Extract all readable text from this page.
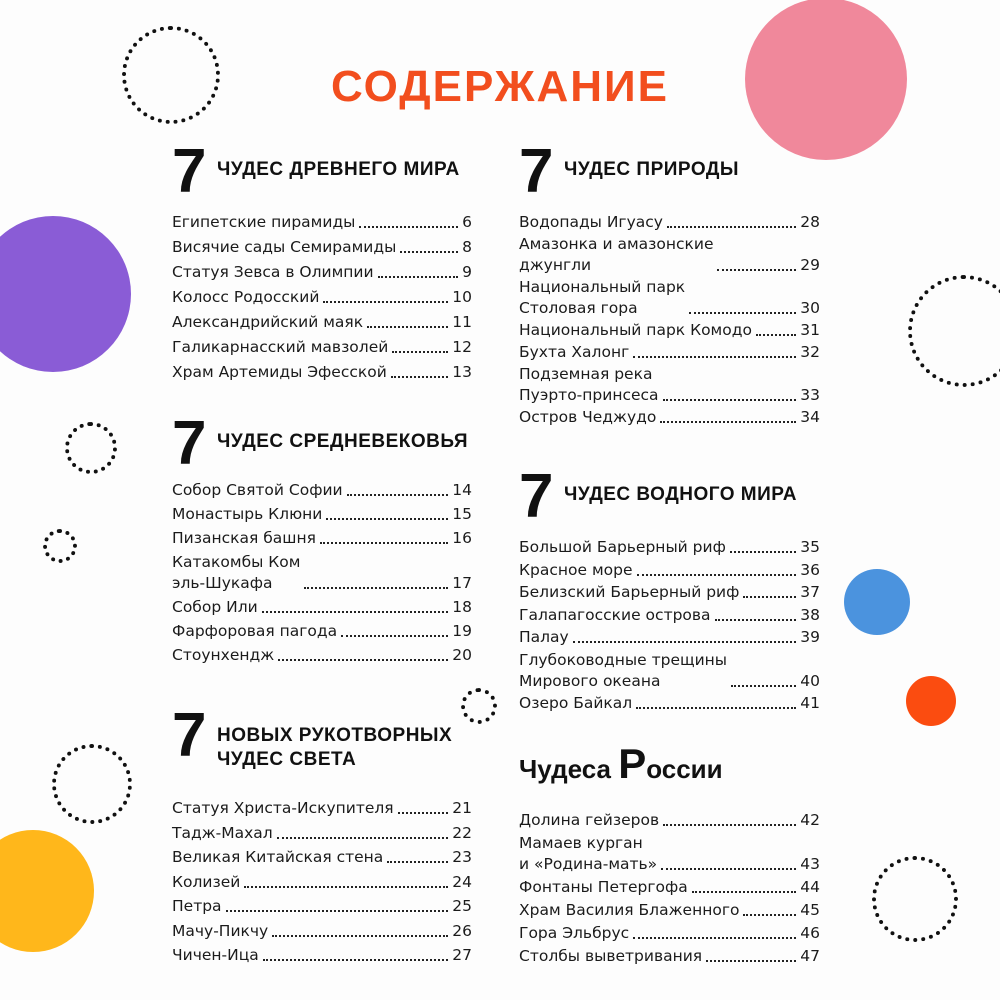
СОДЕРЖАНИЕ
7 ЧУДЕС ДРЕВНЕГО МИРА
Египетские пирамиды	6
Висячие сады Семирамиды	8
Статуя Зевса в Олимпии	9
Колосс Родосский	10
Александрийский маяк	11
Галикарнасский мавзолей	12
Храм Артемиды Эфесской	13
7 ЧУДЕС СРЕДНЕВЕКОВЬЯ
Собор Святой Софии	14
Монастырь Клюни	15
Пизанская башня	16
Катакомбы Ком
эль-Шукафа	17
Собор Или	18
Фарфоровая пагода	19
Стоунхендж	20
7 НОВЫХ РУКОТВОРНЫХ
ЧУДЕС СВЕТА
Статуя Христа-Искупителя	21
Тадж-Махал	22
Великая Китайская стена	23
Колизей	24
Петра	25
Мачу-Пикчу	26
Чичен-Ица	27
7 ЧУДЕС ПРИРОДЫ
Водопады Игуасу	28
Амазонка и амазонские
джунгли	29
Национальный парк
Столовая гора	30
Национальный парк Комодо	31
Бухта Халонг	32
Подземная река
Пуэрто-принсеса	33
Остров Чеджудо	34
7 ЧУДЕС ВОДНОГО МИРА
Большой Барьерный риф	35
Красное море	36
Белизский Барьерный риф	37
Галапагосские острова	38
Палау	39
Глубоководные трещины
Мирового океана	40
Озеро Байкал	41
Чудеса России
Долина гейзеров	42
Мамаев курган
и «Родина-мать»	43
Фонтаны Петергофа	44
Храм Василия Блаженного	45
Гора Эльбрус	46
Столбы выветривания	47
